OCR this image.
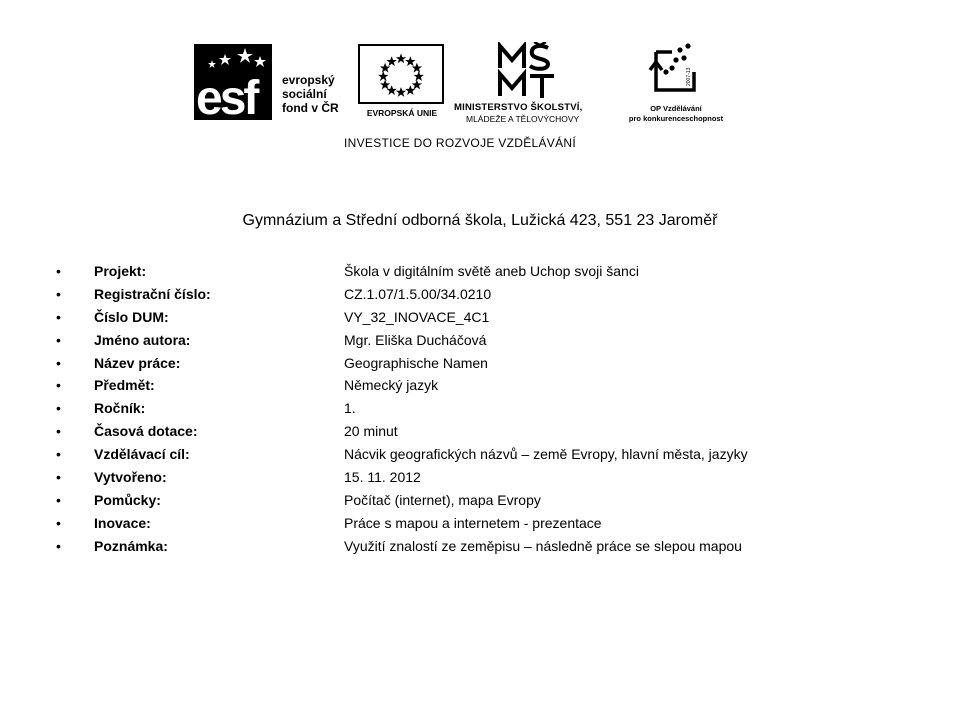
esf	evropský
sociální
fond v ČR	EVROPSKÁ UNIE	MINISTERSTVO ŠKOLSTVÍ,
MLÁDEŽE A TĚLOVÝCHOVY
2007-13
OP Vzdělávání
pro konkurenceschopnost
INVESTICE DO ROZVOJE VZDĚLÁVÁNÍ
Gymnázium a Střední odborná škola, Lužická 423, 551 23 Jaroměř
•	Projekt:	Škola v digitálním světě aneb Uchop svoji šanci
•	Registrační číslo:	CZ.1.07/1.5.00/34.0210
•	Číslo DUM:	VY_32_INOVACE_4C1
•	Jméno autora:	Mgr. Eliška Ducháčová
•	Název práce:	Geographische Namen
•	Předmět:	Německý jazyk
•	Ročník:	1.
•	Časová dotace:	20 minut
•	Vzdělávací cíl:	Nácvik geografických názvů – země Evropy, hlavní města, jazyky
•	Vytvořeno:	15. 11. 2012
•	Pomůcky:	Počítač (internet), mapa Evropy
•	Inovace:	Práce s mapou a internetem - prezentace
•	Poznámka:	Využití znalostí ze zeměpisu – následně práce se slepou mapou
